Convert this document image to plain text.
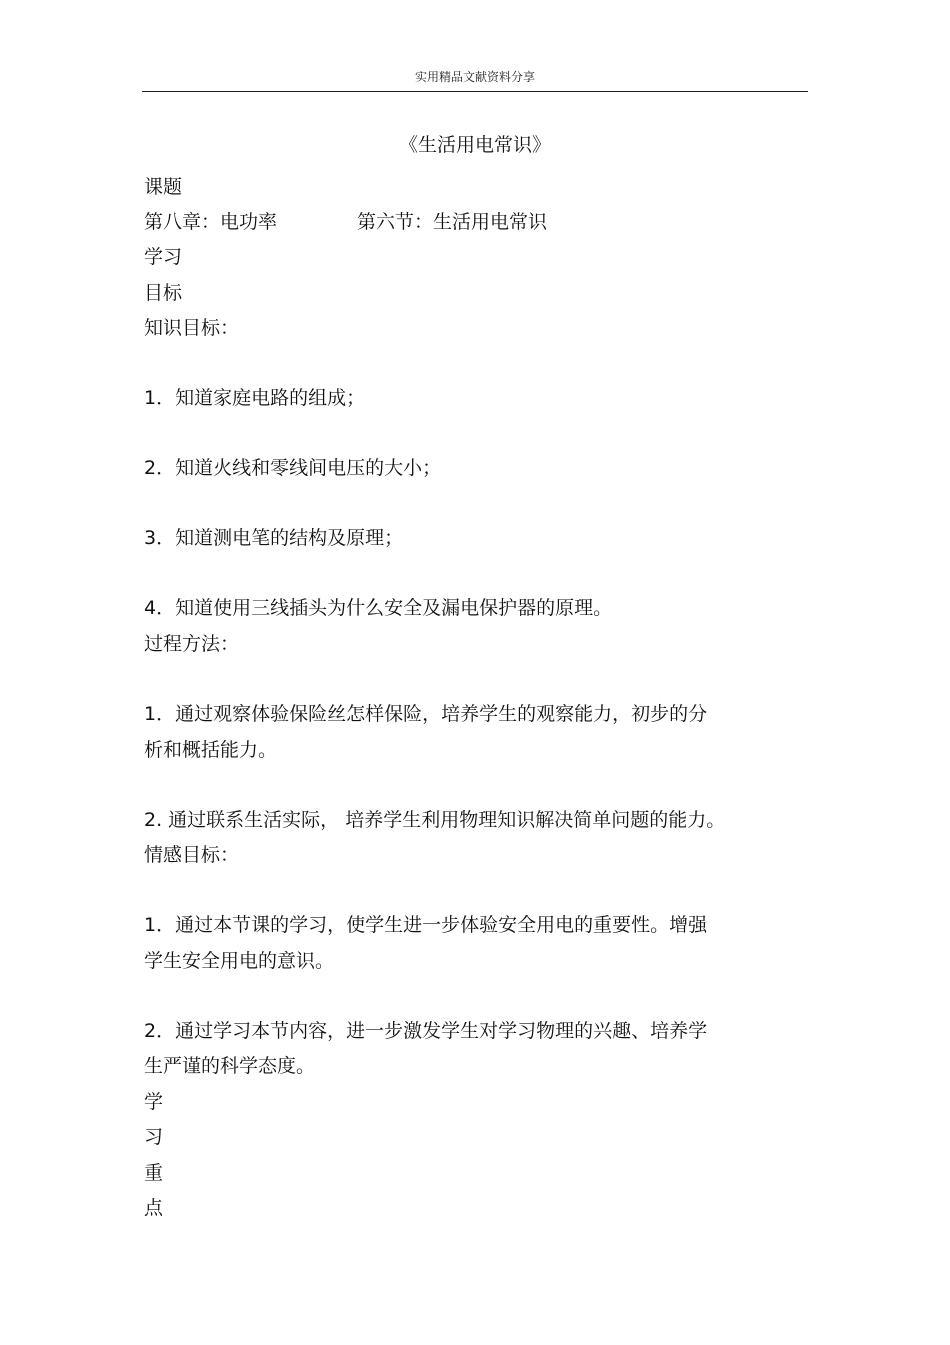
实用精品文献资料分享
《生活用电常识》
课题
第八章：电功率	第六节：生活用电常识
学习
目标
知识目标：
1．知道家庭电路的组成；
2．知道火线和零线间电压的大小；
3．知道测电笔的结构及原理；
4．知道使用三线插头为什么安全及漏电保护器的原理。
过程方法：
1．通过观察体验保险丝怎样保险，培养学生的观察能力，初步的分
析和概括能力。
2. 通过联系生活实际， 培养学生利用物理知识解决简单问题的能力。
情感目标：
1．通过本节课的学习，使学生进一步体验安全用电的重要性。增强
学生安全用电的意识。
2．通过学习本节内容，进一步激发学生对学习物理的兴趣、培养学
生严谨的科学态度。
学
习
重
点
